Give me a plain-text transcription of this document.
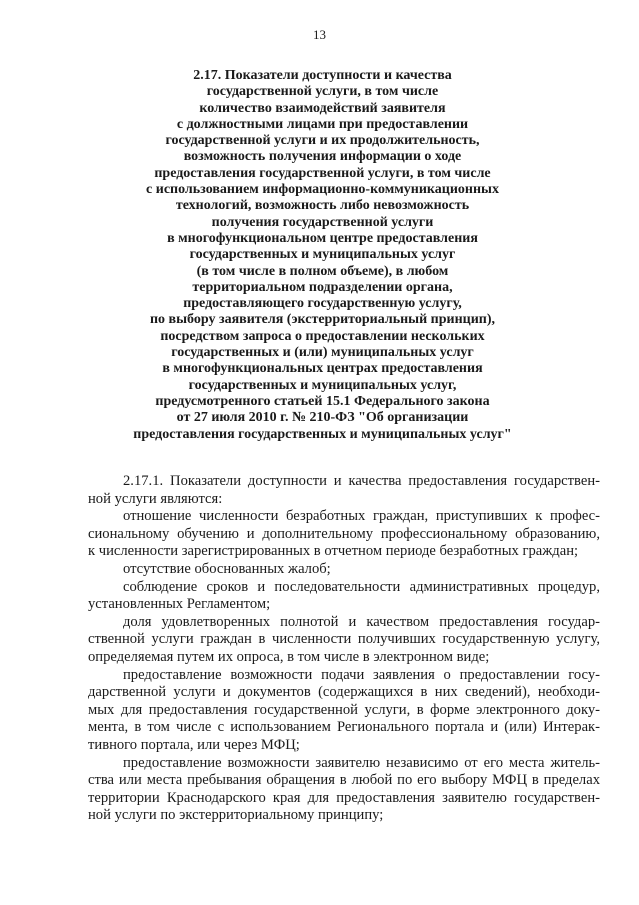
13
2.17. Показатели доступности и качества
государственной услуги, в том числе
количество взаимодействий заявителя
с должностными лицами при предоставлении
государственной услуги и их продолжительность,
возможность получения информации о ходе
предоставления государственной услуги, в том числе
с использованием информационно-коммуникационных
технологий, возможность либо невозможность
получения государственной услуги
в многофункциональном центре предоставления
государственных и муниципальных услуг
(в том числе в полном объеме), в любом
территориальном подразделении органа,
предоставляющего государственную услугу,
по выбору заявителя (экстерриториальный принцип),
посредством запроса о предоставлении нескольких
государственных и (или) муниципальных услуг
в многофункциональных центрах предоставления
государственных и муниципальных услуг,
предусмотренного статьей 15.1 Федерального закона
от 27 июля 2010 г. № 210-ФЗ "Об организации
предоставления государственных и муниципальных услуг"
2.17.1. Показатели доступности и качества предоставления государствен-
ной услуги являются:
отношение численности безработных граждан, приступивших к профес-
сиональному обучению и дополнительному профессиональному образованию,
к численности зарегистрированных в отчетном периоде безработных граждан;
отсутствие обоснованных жалоб;
соблюдение сроков и последовательности административных процедур,
установленных Регламентом;
доля удовлетворенных полнотой и качеством предоставления государ-
ственной услуги граждан в численности получивших государственную услугу,
определяемая путем их опроса, в том числе в электронном виде;
предоставление возможности подачи заявления о предоставлении госу-
дарственной услуги и документов (содержащихся в них сведений), необходи-
мых для предоставления государственной услуги, в форме электронного доку-
мента, в том числе с использованием Регионального портала и (или) Интерак-
тивного портала, или через МФЦ;
предоставление возможности заявителю независимо от его места житель-
ства или места пребывания обращения в любой по его выбору МФЦ в пределах
территории Краснодарского края для предоставления заявителю государствен-
ной услуги по экстерриториальному принципу;
